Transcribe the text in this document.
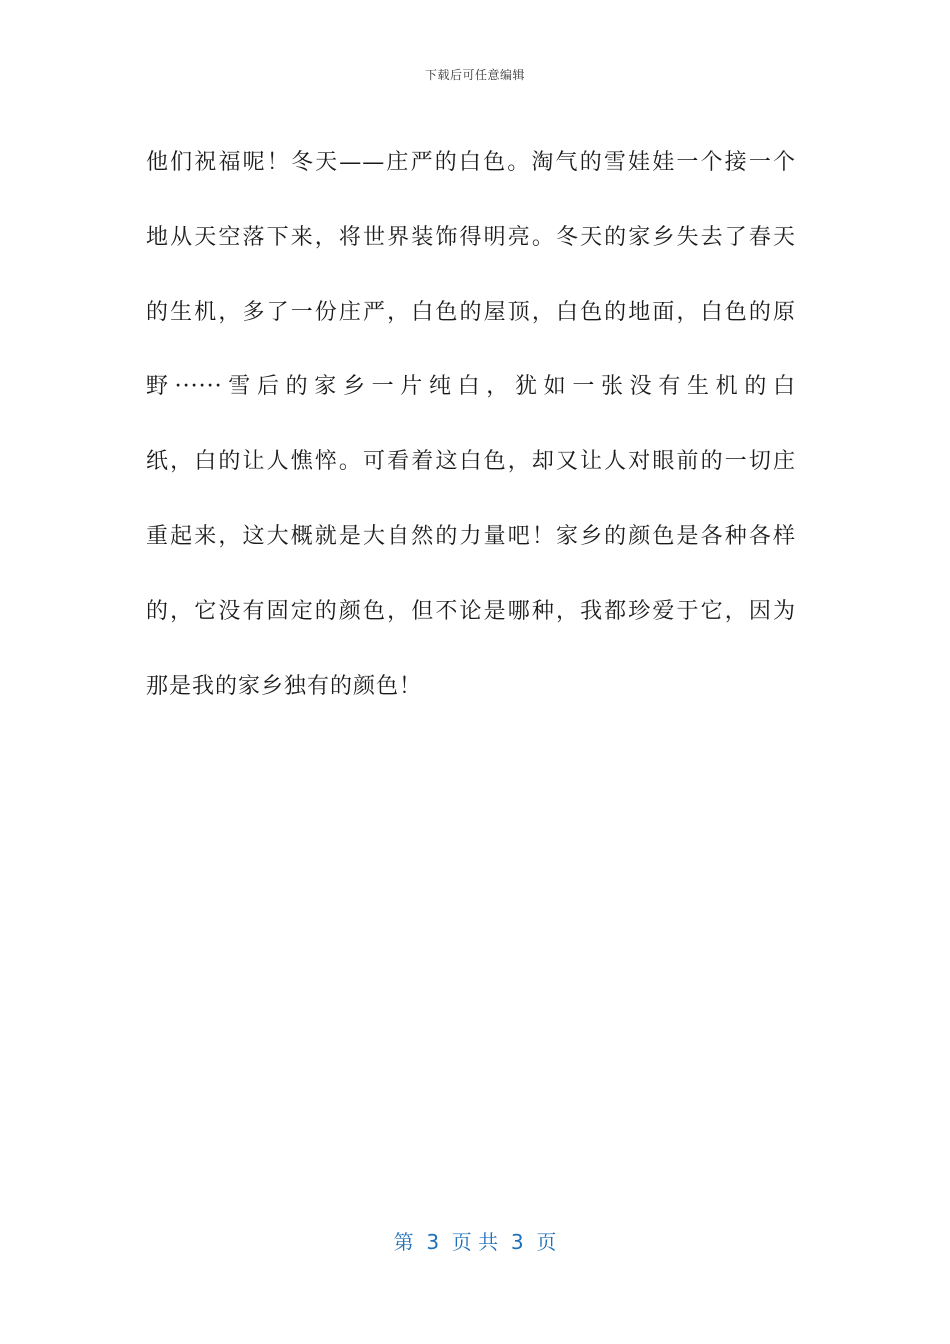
下载后可任意编辑
他们祝福呢！冬天——庄严的白色。淘气的雪娃娃一个接一个
地从天空落下来，将世界装饰得明亮。冬天的家乡失去了春天
的生机，多了一份庄严，白色的屋顶，白色的地面，白色的原
野······雪后的家乡一片纯白，犹如一张没有生机的白
纸，白的让人憔悴。可看着这白色，却又让人对眼前的一切庄
重起来，这大概就是大自然的力量吧！家乡的颜色是各种各样
的，它没有固定的颜色，但不论是哪种，我都珍爱于它，因为
那是我的家乡独有的颜色！
第  3  页 共  3  页
